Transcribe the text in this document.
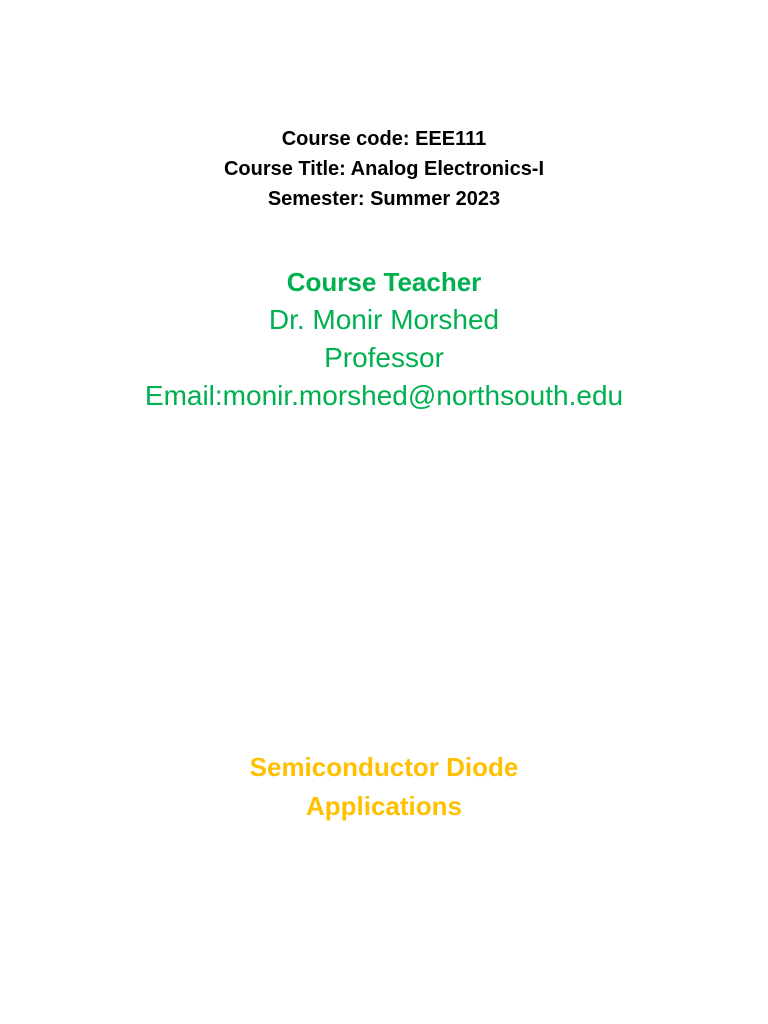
Course code: EEE111
Course Title: Analog Electronics-I
Semester: Summer 2023
Course Teacher
Dr. Monir Morshed
Professor
Email:monir.morshed@northsouth.edu
Semiconductor Diode
Applications
